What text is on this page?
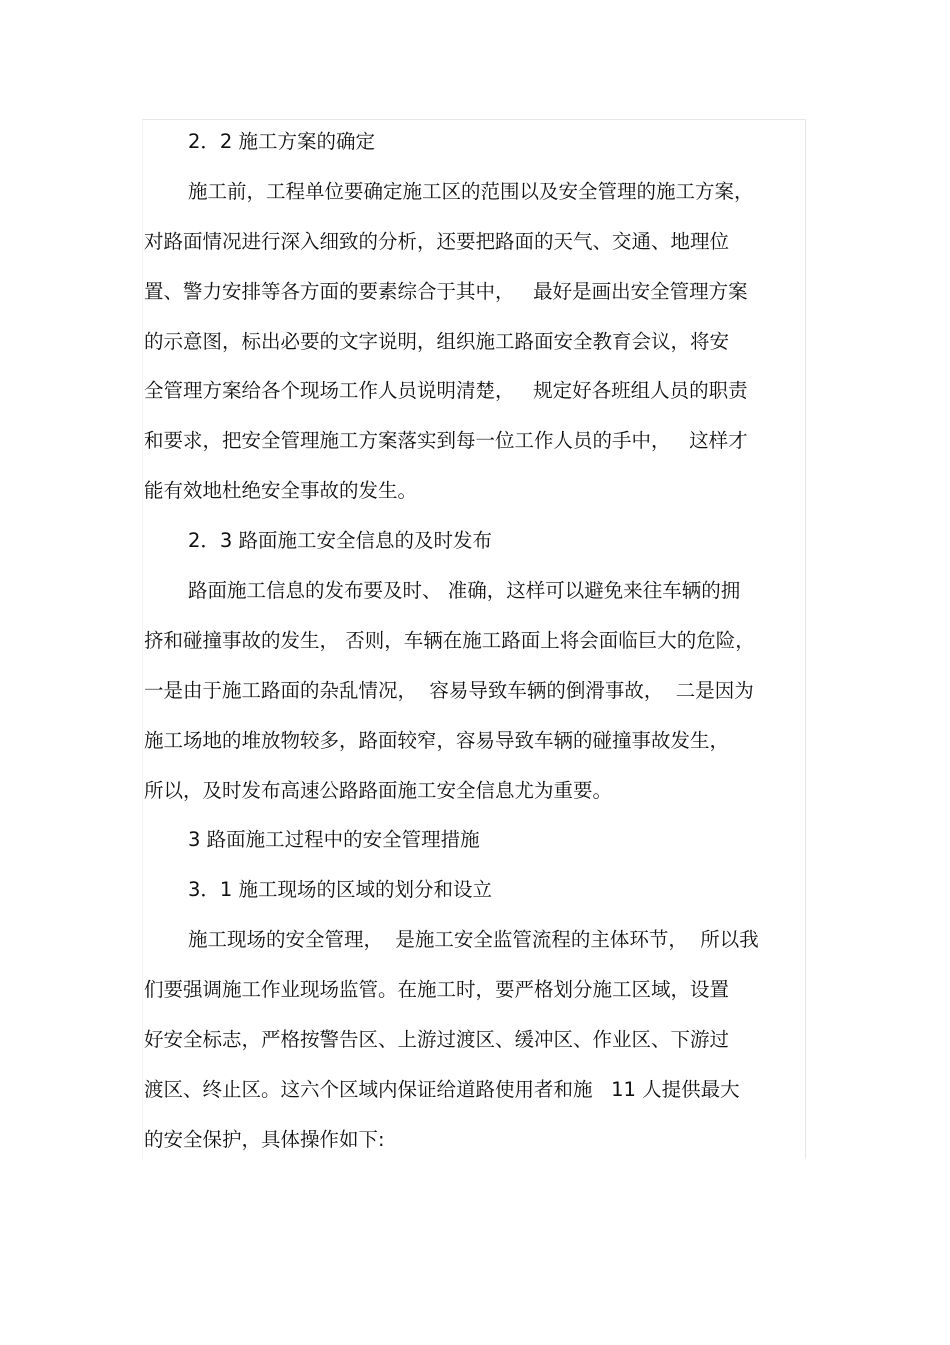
2．2 施工方案的确定
施工前，工程单位要确定施工区的范围以及安全管理的施工方案，
对路面情况进行深入细致的分析，还要把路面的天气、交通、地理位
置、警力安排等各方面的要素综合于其中，   最好是画出安全管理方案
的示意图，标出必要的文字说明，组织施工路面安全教育会议，将安
全管理方案给各个现场工作人员说明清楚，   规定好各班组人员的职责
和要求，把安全管理施工方案落实到每一位工作人员的手中，   这样才
能有效地杜绝安全事故的发生。
2．3 路面施工安全信息的及时发布
路面施工信息的发布要及时、 准确，这样可以避免来往车辆的拥
挤和碰撞事故的发生， 否则，车辆在施工路面上将会面临巨大的危险，
一是由于施工路面的杂乱情况，  容易导致车辆的倒滑事故，  二是因为
施工场地的堆放物较多，路面较窄，容易导致车辆的碰撞事故发生，
所以，及时发布高速公路路面施工安全信息尤为重要。
3 路面施工过程中的安全管理措施
3．1 施工现场的区域的划分和设立
施工现场的安全管理，  是施工安全监管流程的主体环节，  所以我
们要强调施工作业现场监管。在施工时，要严格划分施工区域，设置
好安全标志，严格按警告区、上游过渡区、缓冲区、作业区、下游过
渡区、终止区。这六个区域内保证给道路使用者和施   11 人提供最大
的安全保护，具体操作如下:
